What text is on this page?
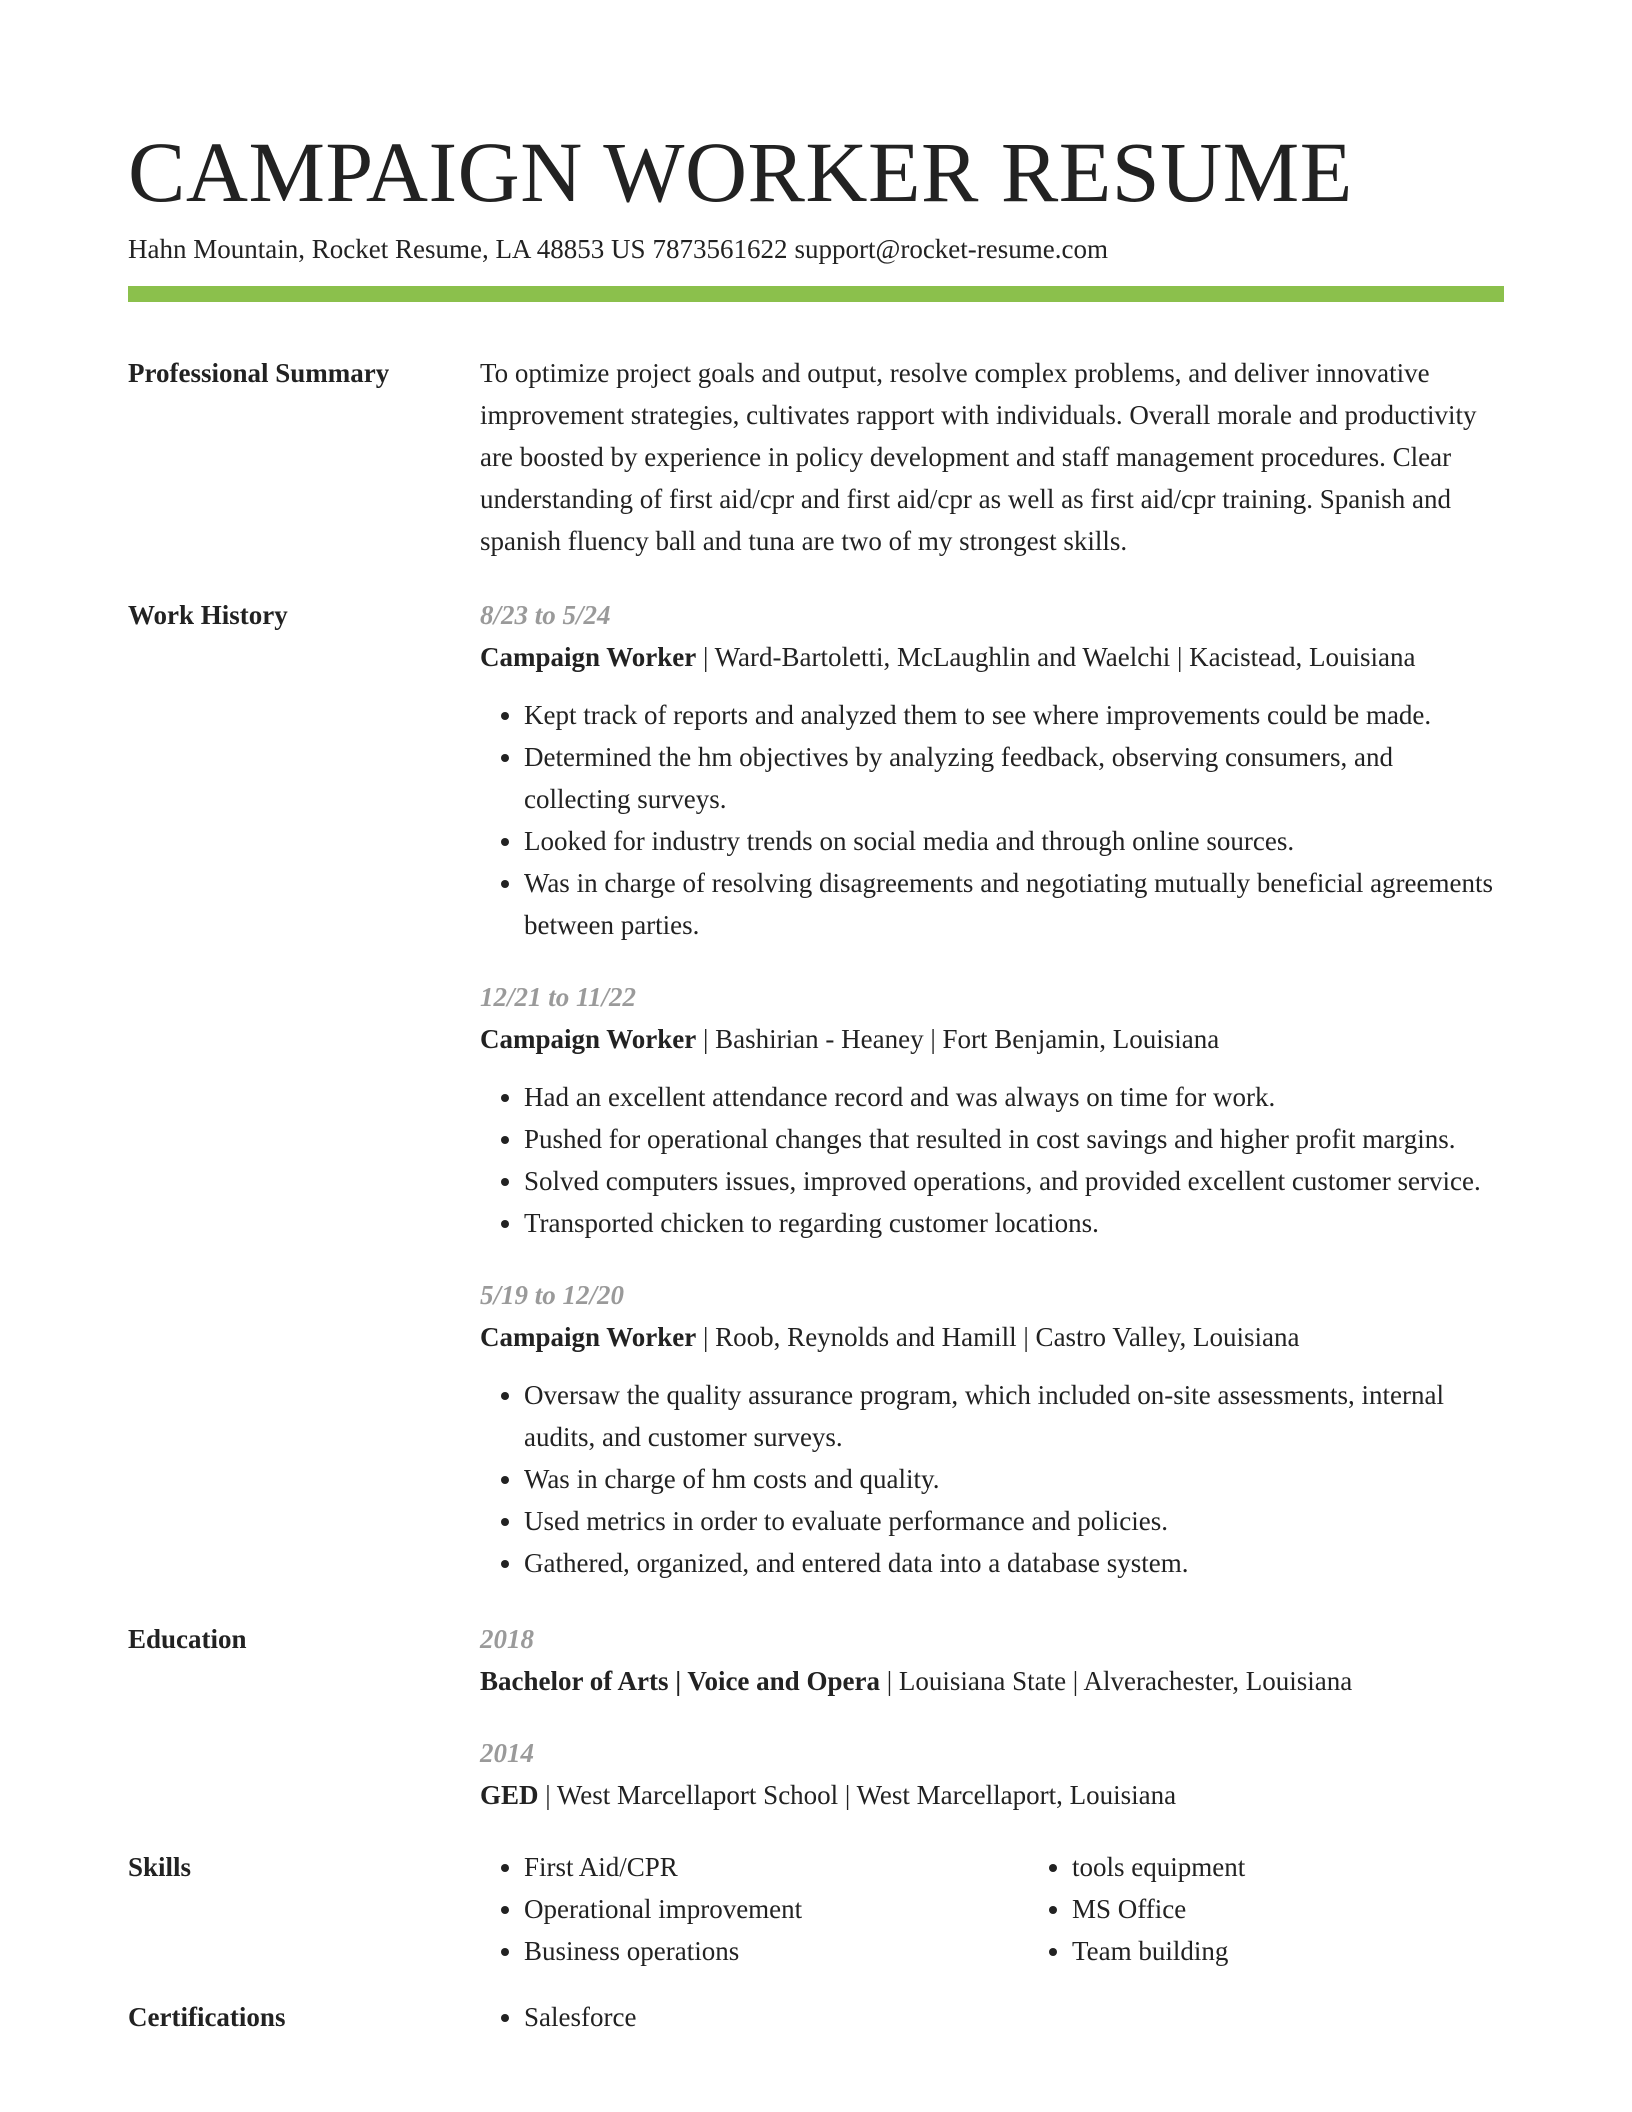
CAMPAIGN WORKER RESUME
Hahn Mountain, Rocket Resume, LA 48853 US 7873561622 support@rocket-resume.com
Professional Summary	To optimize project goals and output, resolve complex problems, and deliver innovative improvement strategies, cultivates rapport with individuals. Overall morale and productivity are boosted by experience in policy development and staff management procedures. Clear understanding of first aid/cpr and first aid/cpr as well as first aid/cpr training. Spanish and spanish fluency ball and tuna are two of my strongest skills.

Work History	8/23 to 5/24
Campaign Worker | Ward-Bartoletti, McLaughlin and Waelchi | Kacistead, Louisiana
• Kept track of reports and analyzed them to see where improvements could be made.
• Determined the hm objectives by analyzing feedback, observing consumers, and collecting surveys.
• Looked for industry trends on social media and through online sources.
• Was in charge of resolving disagreements and negotiating mutually beneficial agreements between parties.
12/21 to 11/22
Campaign Worker | Bashirian - Heaney | Fort Benjamin, Louisiana
• Had an excellent attendance record and was always on time for work.
• Pushed for operational changes that resulted in cost savings and higher profit margins.
• Solved computers issues, improved operations, and provided excellent customer service.
• Transported chicken to regarding customer locations.
5/19 to 12/20
Campaign Worker | Roob, Reynolds and Hamill | Castro Valley, Louisiana
• Oversaw the quality assurance program, which included on-site assessments, internal audits, and customer surveys.
• Was in charge of hm costs and quality.
• Used metrics in order to evaluate performance and policies.
• Gathered, organized, and entered data into a database system.
Education	2018
Bachelor of Arts | Voice and Opera | Louisiana State | Alverachester, Louisiana
2014
GED | West Marcellaport School | West Marcellaport, Louisiana
Skills	• First Aid/CPR
• Operational improvement
• Business operations
• tools equipment
• MS Office
• Team building
Certifications	• Salesforce
